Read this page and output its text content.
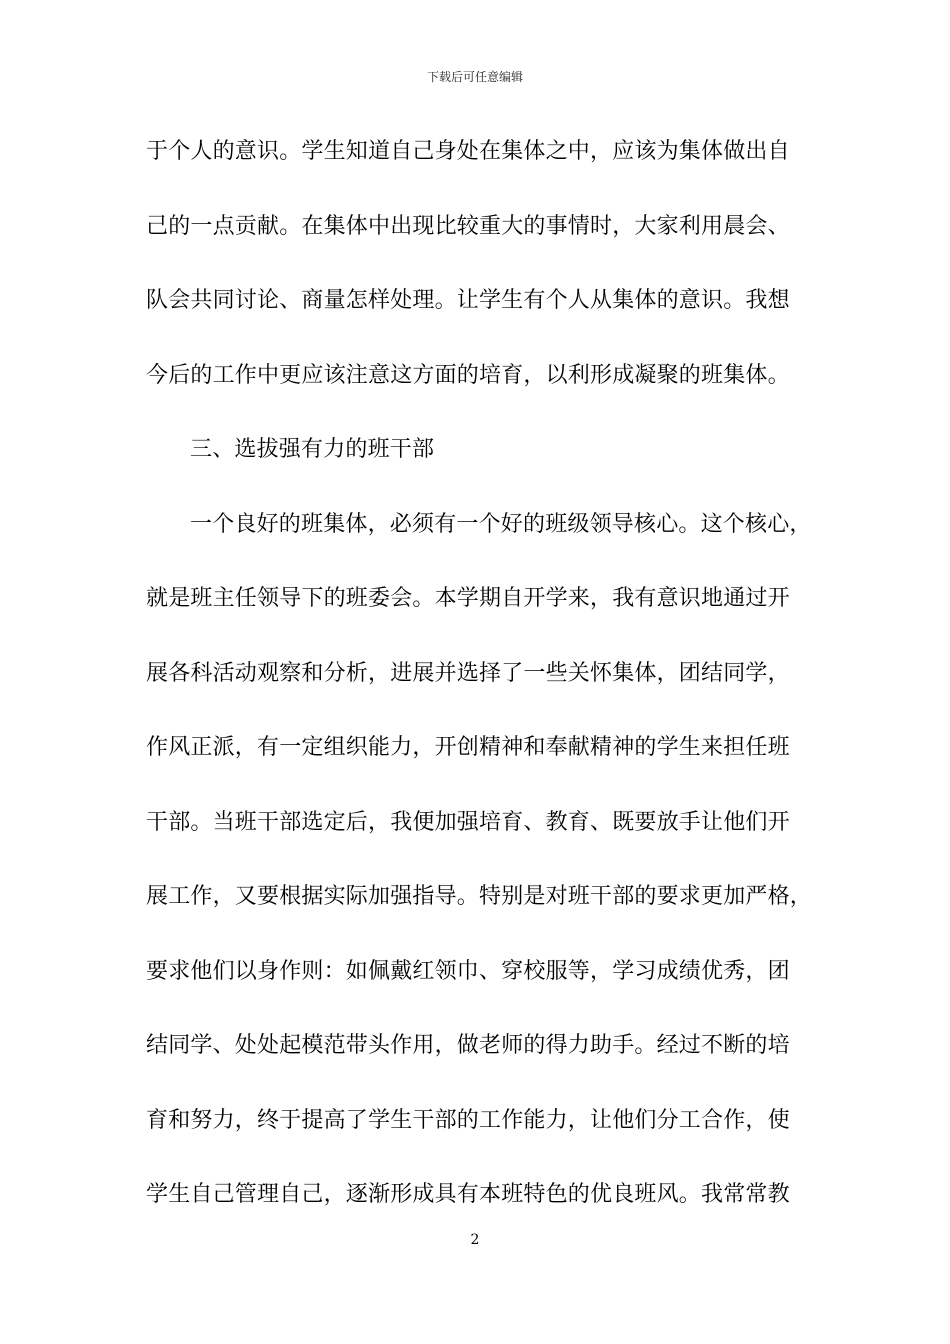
下载后可任意编辑
于个人的意识。学生知道自己身处在集体之中，应该为集体做出自
己的一点贡献。在集体中出现比较重大的事情时，大家利用晨会、
队会共同讨论、商量怎样处理。让学生有个人从集体的意识。我想
今后的工作中更应该注意这方面的培育，以利形成凝聚的班集体。
三、选拔强有力的班干部
一个良好的班集体，必须有一个好的班级领导核心。这个核心，
就是班主任领导下的班委会。本学期自开学来，我有意识地通过开
展各科活动观察和分析，进展并选择了一些关怀集体，团结同学，
作风正派，有一定组织能力，开创精神和奉献精神的学生来担任班
干部。当班干部选定后，我便加强培育、教育、既要放手让他们开
展工作，又要根据实际加强指导。特别是对班干部的要求更加严格，
要求他们以身作则：如佩戴红领巾、穿校服等，学习成绩优秀，团
结同学、处处起模范带头作用，做老师的得力助手。经过不断的培
育和努力，终于提高了学生干部的工作能力，让他们分工合作，使
学生自己管理自己，逐渐形成具有本班特色的优良班风。我常常教
2
